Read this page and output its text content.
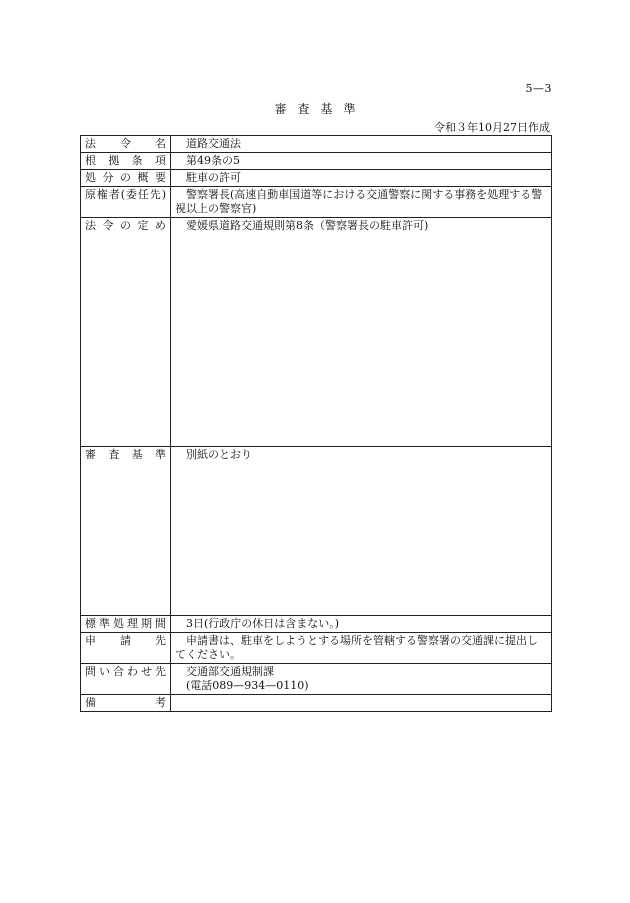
5—3
審査基準
令和３年10月27日作成
法令名	道路交通法
根拠条項	第49条の5
処分の概要	駐車の許可
原権者(委任先)	警察署長(高速自動車国道等における交通警察に関する事務を処理する警視以上の警察官)
法令の定め	愛媛県道路交通規則第8条（警察署長の駐車許可)
審査基準	別紙のとおり
標準処理期間	3日(行政庁の休日は含まない。)
申請先	申請書は、駐車をしようとする場所を管轄する警察署の交通課に提出してください。
問い合わせ先	交通部交通規制課
(電話089—934—0110)

備考	
